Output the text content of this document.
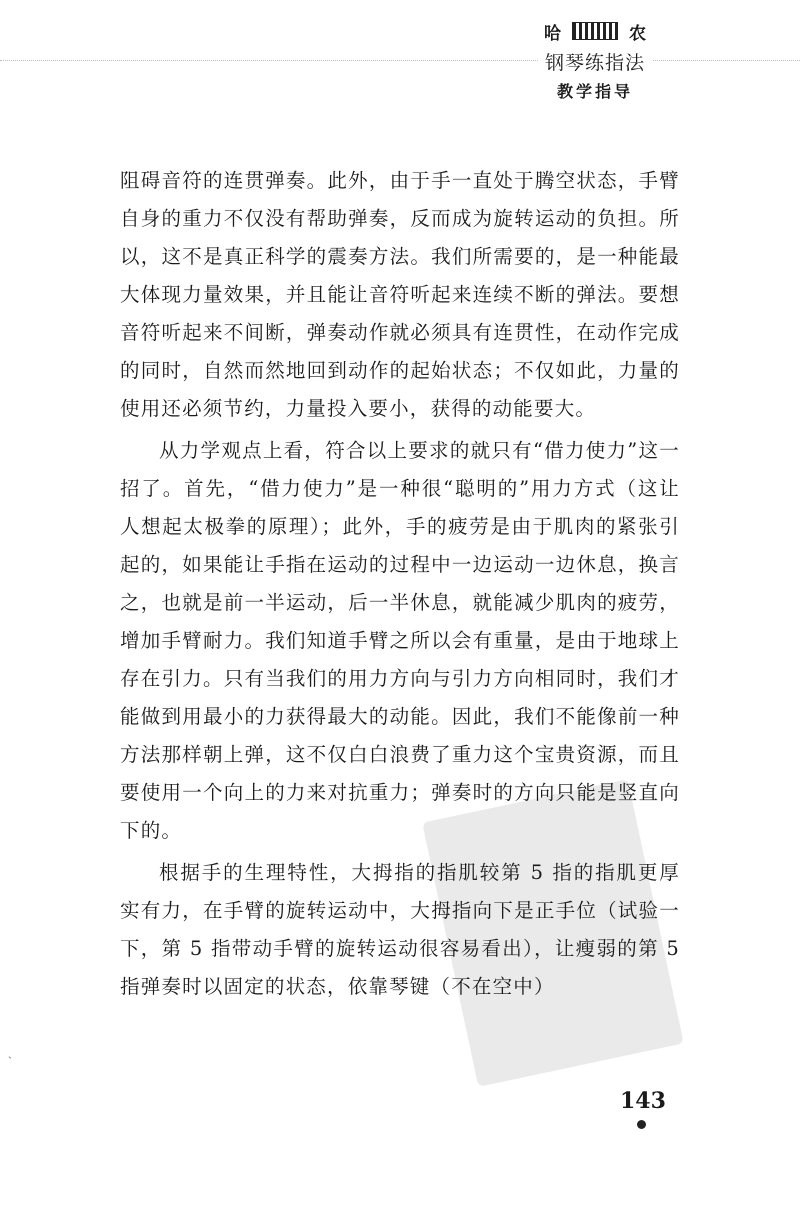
哈	农
钢琴练指法
教学指导

阻碍音符的连贯弹奏。此外，由于手一直处于腾空状态，手臂自身的重力不仅没有帮助弹奏，反而成为旋转运动的负担。所以，这不是真正科学的震奏方法。我们所需要的，是一种能最大体现力量效果，并且能让音符听起来连续不断的弹法。要想音符听起来不间断，弹奏动作就必须具有连贯性，在动作完成的同时，自然而然地回到动作的起始状态；不仅如此，力量的使用还必须节约，力量投入要小，获得的动能要大。

从力学观点上看，符合以上要求的就只有“借力使力”这一招了。首先，“借力使力”是一种很“聪明的”用力方式（这让人想起太极拳的原理）；此外，手的疲劳是由于肌肉的紧张引起的，如果能让手指在运动的过程中一边运动一边休息，换言之，也就是前一半运动，后一半休息，就能减少肌肉的疲劳，增加手臂耐力。我们知道手臂之所以会有重量，是由于地球上存在引力。只有当我们的用力方向与引力方向相同时，我们才能做到用最小的力获得最大的动能。因此，我们不能像前一种方法那样朝上弹，这不仅白白浪费了重力这个宝贵资源，而且要使用一个向上的力来对抗重力；弹奏时的方向只能是竖直向下的。

根据手的生理特性，大拇指的指肌较第 5 指的指肌更厚实有力，在手臂的旋转运动中，大拇指向下是正手位（试验一下，第 5 指带动手臂的旋转运动很容易看出），让瘦弱的第 5 指弹奏时以固定的状态，依靠琴键（不在空中）

ˎ
143
